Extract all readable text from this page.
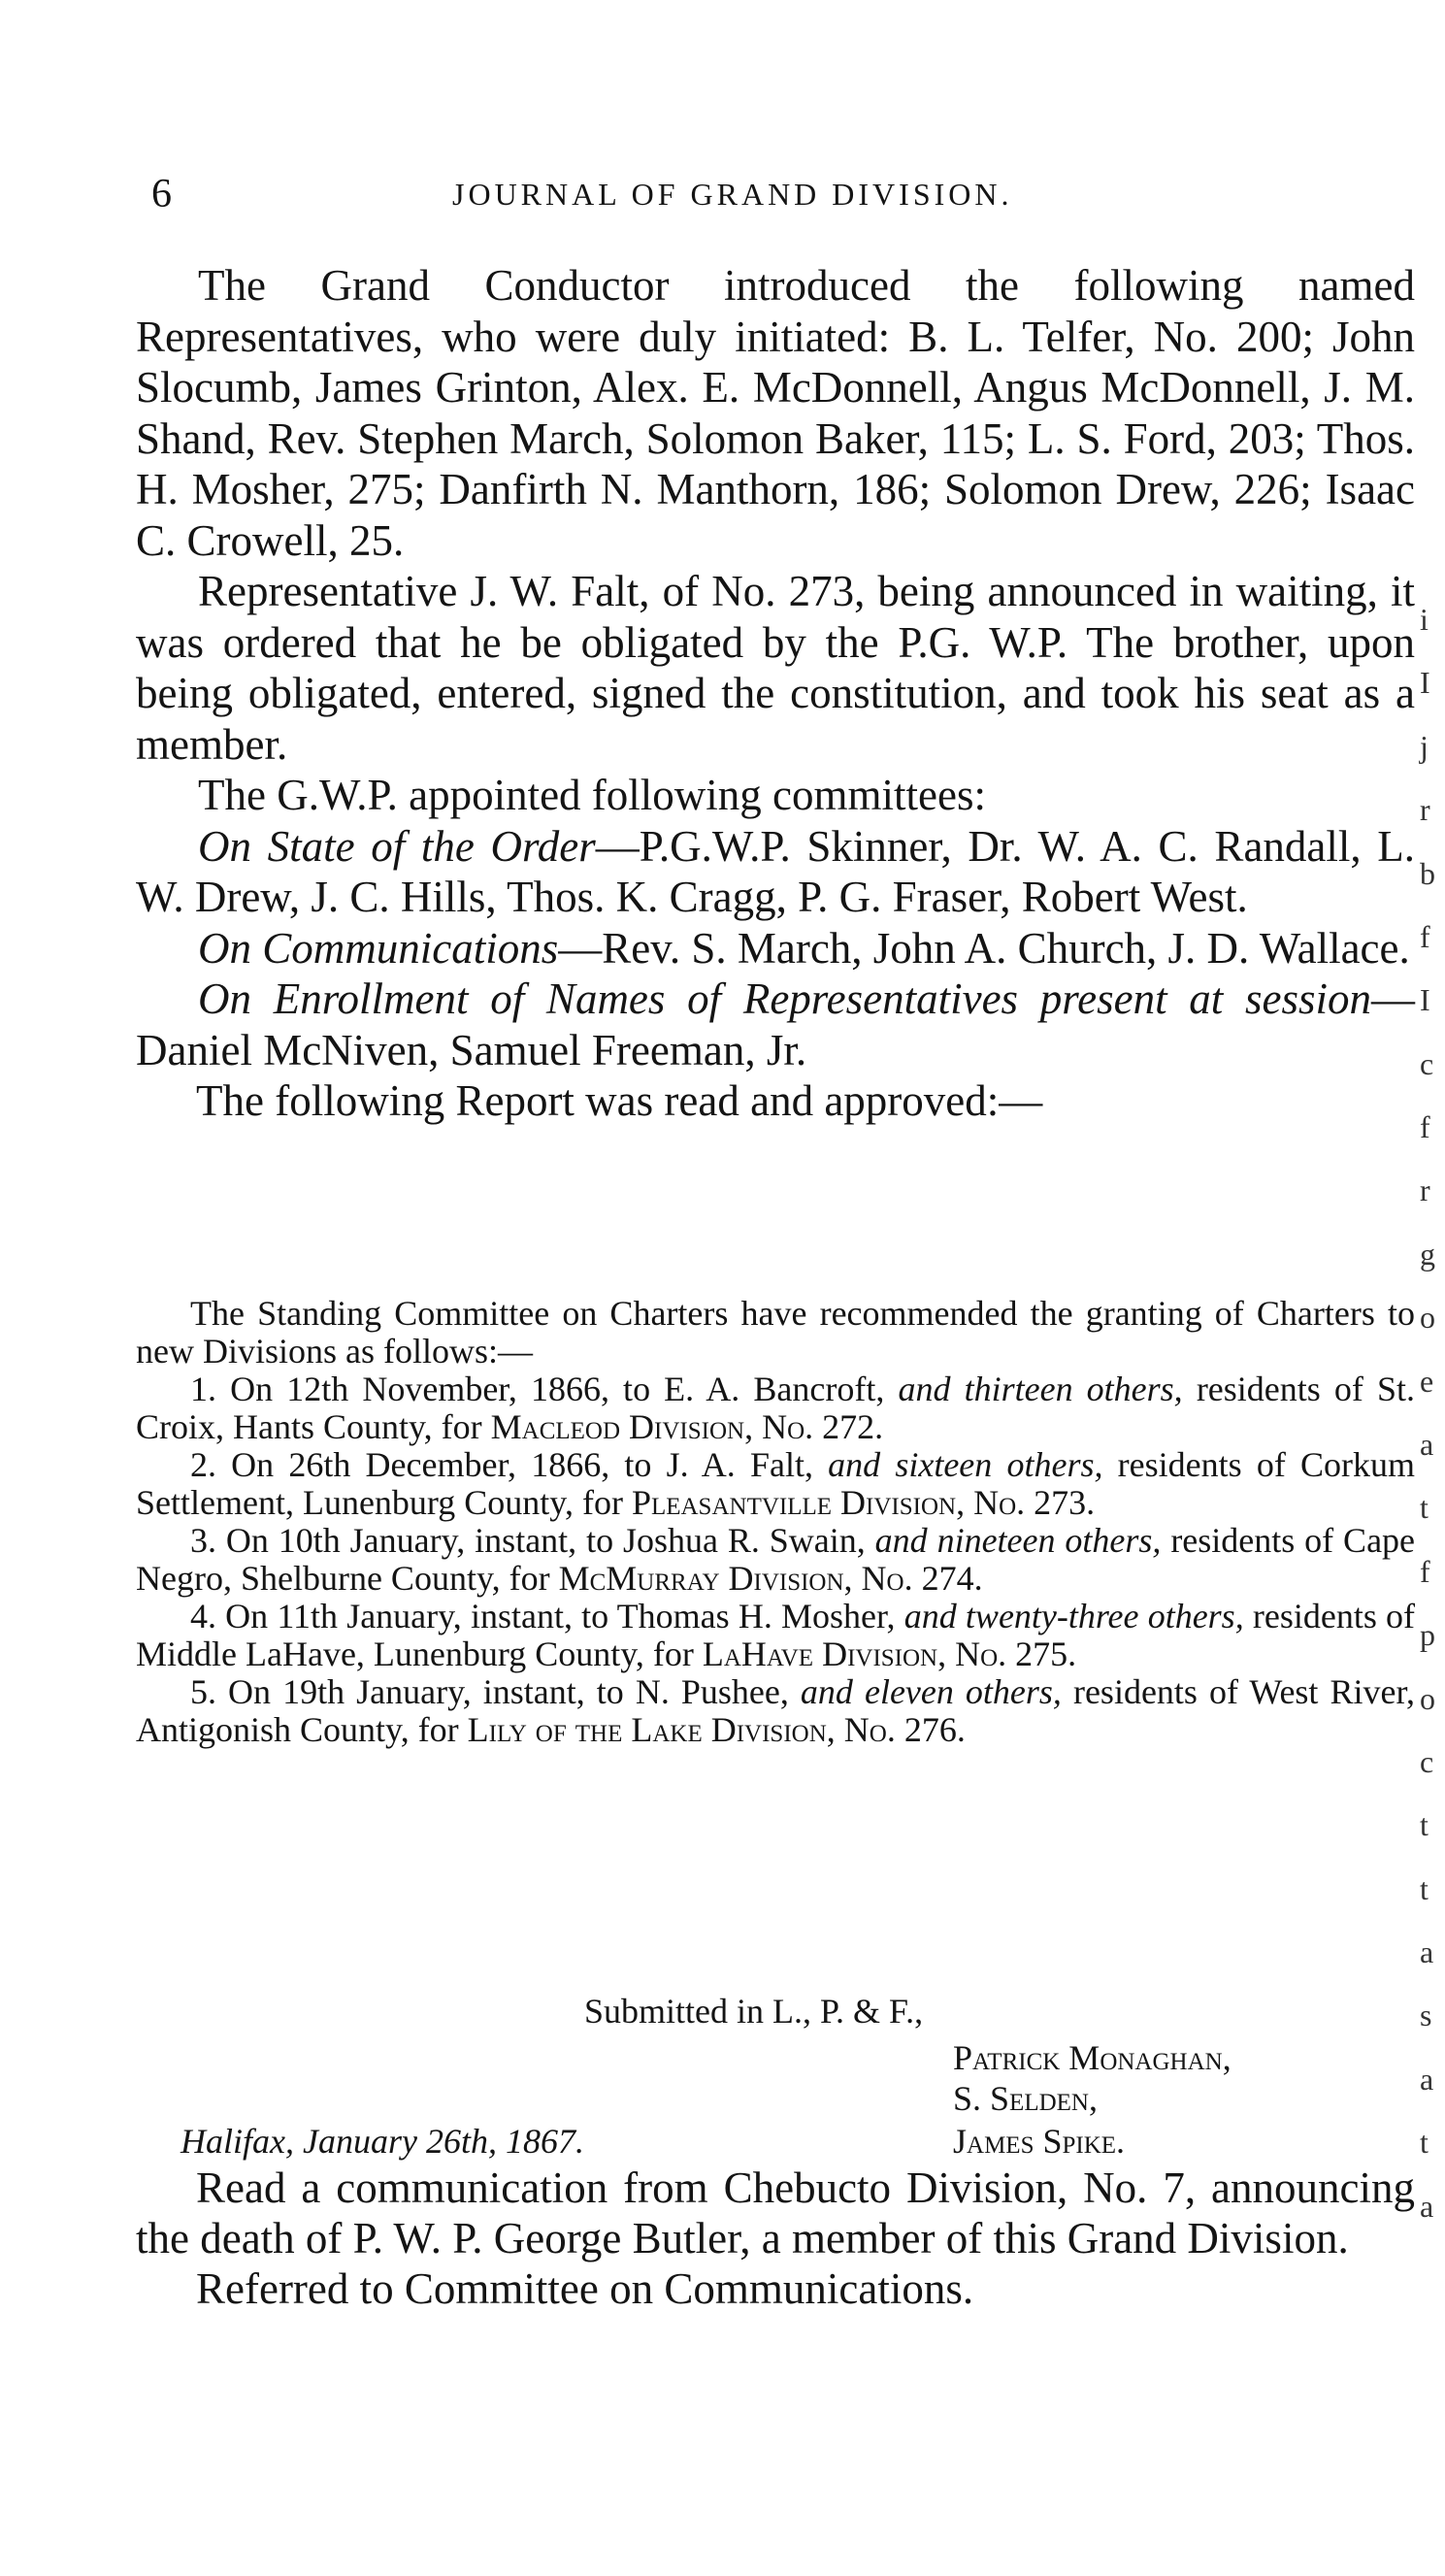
6	JOURNAL OF GRAND DIVISION.

The Grand Conductor introduced the following named Representatives, who were duly initiated: B. L. Telfer, No. 200; John Slocumb, James Grinton, Alex. E. McDonnell, Angus McDonnell, J. M. Shand, Rev. Stephen March, Solomon Baker, 115; L. S. Ford, 203; Thos. H. Mosher, 275; Danfirth N. Manthorn, 186; Solomon Drew, 226; Isaac C. Crowell, 25.

Representative J. W. Falt, of No. 273, being announced in waiting, it was ordered that he be obligated by the P.G. W.P. The brother, upon being obligated, entered, signed the constitution, and took his seat as a member.

The G.W.P. appointed following committees:

On State of the Order—P.G.W.P. Skinner, Dr. W. A. C. Randall, L. W. Drew, J. C. Hills, Thos. K. Cragg, P. G. Fraser, Robert West.

On Communications—Rev. S. March, John A. Church, J. D. Wallace.

On Enrollment of Names of Representatives present at session—Daniel McNiven, Samuel Freeman, Jr.

The following Report was read and approved:—

The Standing Committee on Charters have recommended the granting of Charters to new Divisions as follows:—

1. On 12th November, 1866, to E. A. Bancroft, and thirteen others, residents of St. Croix, Hants County, for Macleod Division, No. 272.

2. On 26th December, 1866, to J. A. Falt, and sixteen others, residents of Corkum Settlement, Lunenburg County, for Pleasantville Division, No. 273.

3. On 10th January, instant, to Joshua R. Swain, and nineteen others, residents of Cape Negro, Shelburne County, for McMurray Division, No. 274.

4. On 11th January, instant, to Thomas H. Mosher, and twenty-three others, residents of Middle LaHave, Lunenburg County, for LaHave Division, No. 275.

5. On 19th January, instant, to N. Pushee, and eleven others, residents of West River, Antigonish County, for Lily of the Lake Division, No. 276.

Submitted in L., P. & F.,
Patrick Monaghan,
S. Selden,
James Spike.
Halifax, January 26th, 1867.

Read a communication from Chebucto Division, No. 7, announcing the death of P. W. P. George Butler, a member of this Grand Division.

Referred to Committee on Communications.

i
I
j
r
b
f
I
c
f
r
g
o
e
a
t
f
p
o
c
t
t
a
s
a
t
a
